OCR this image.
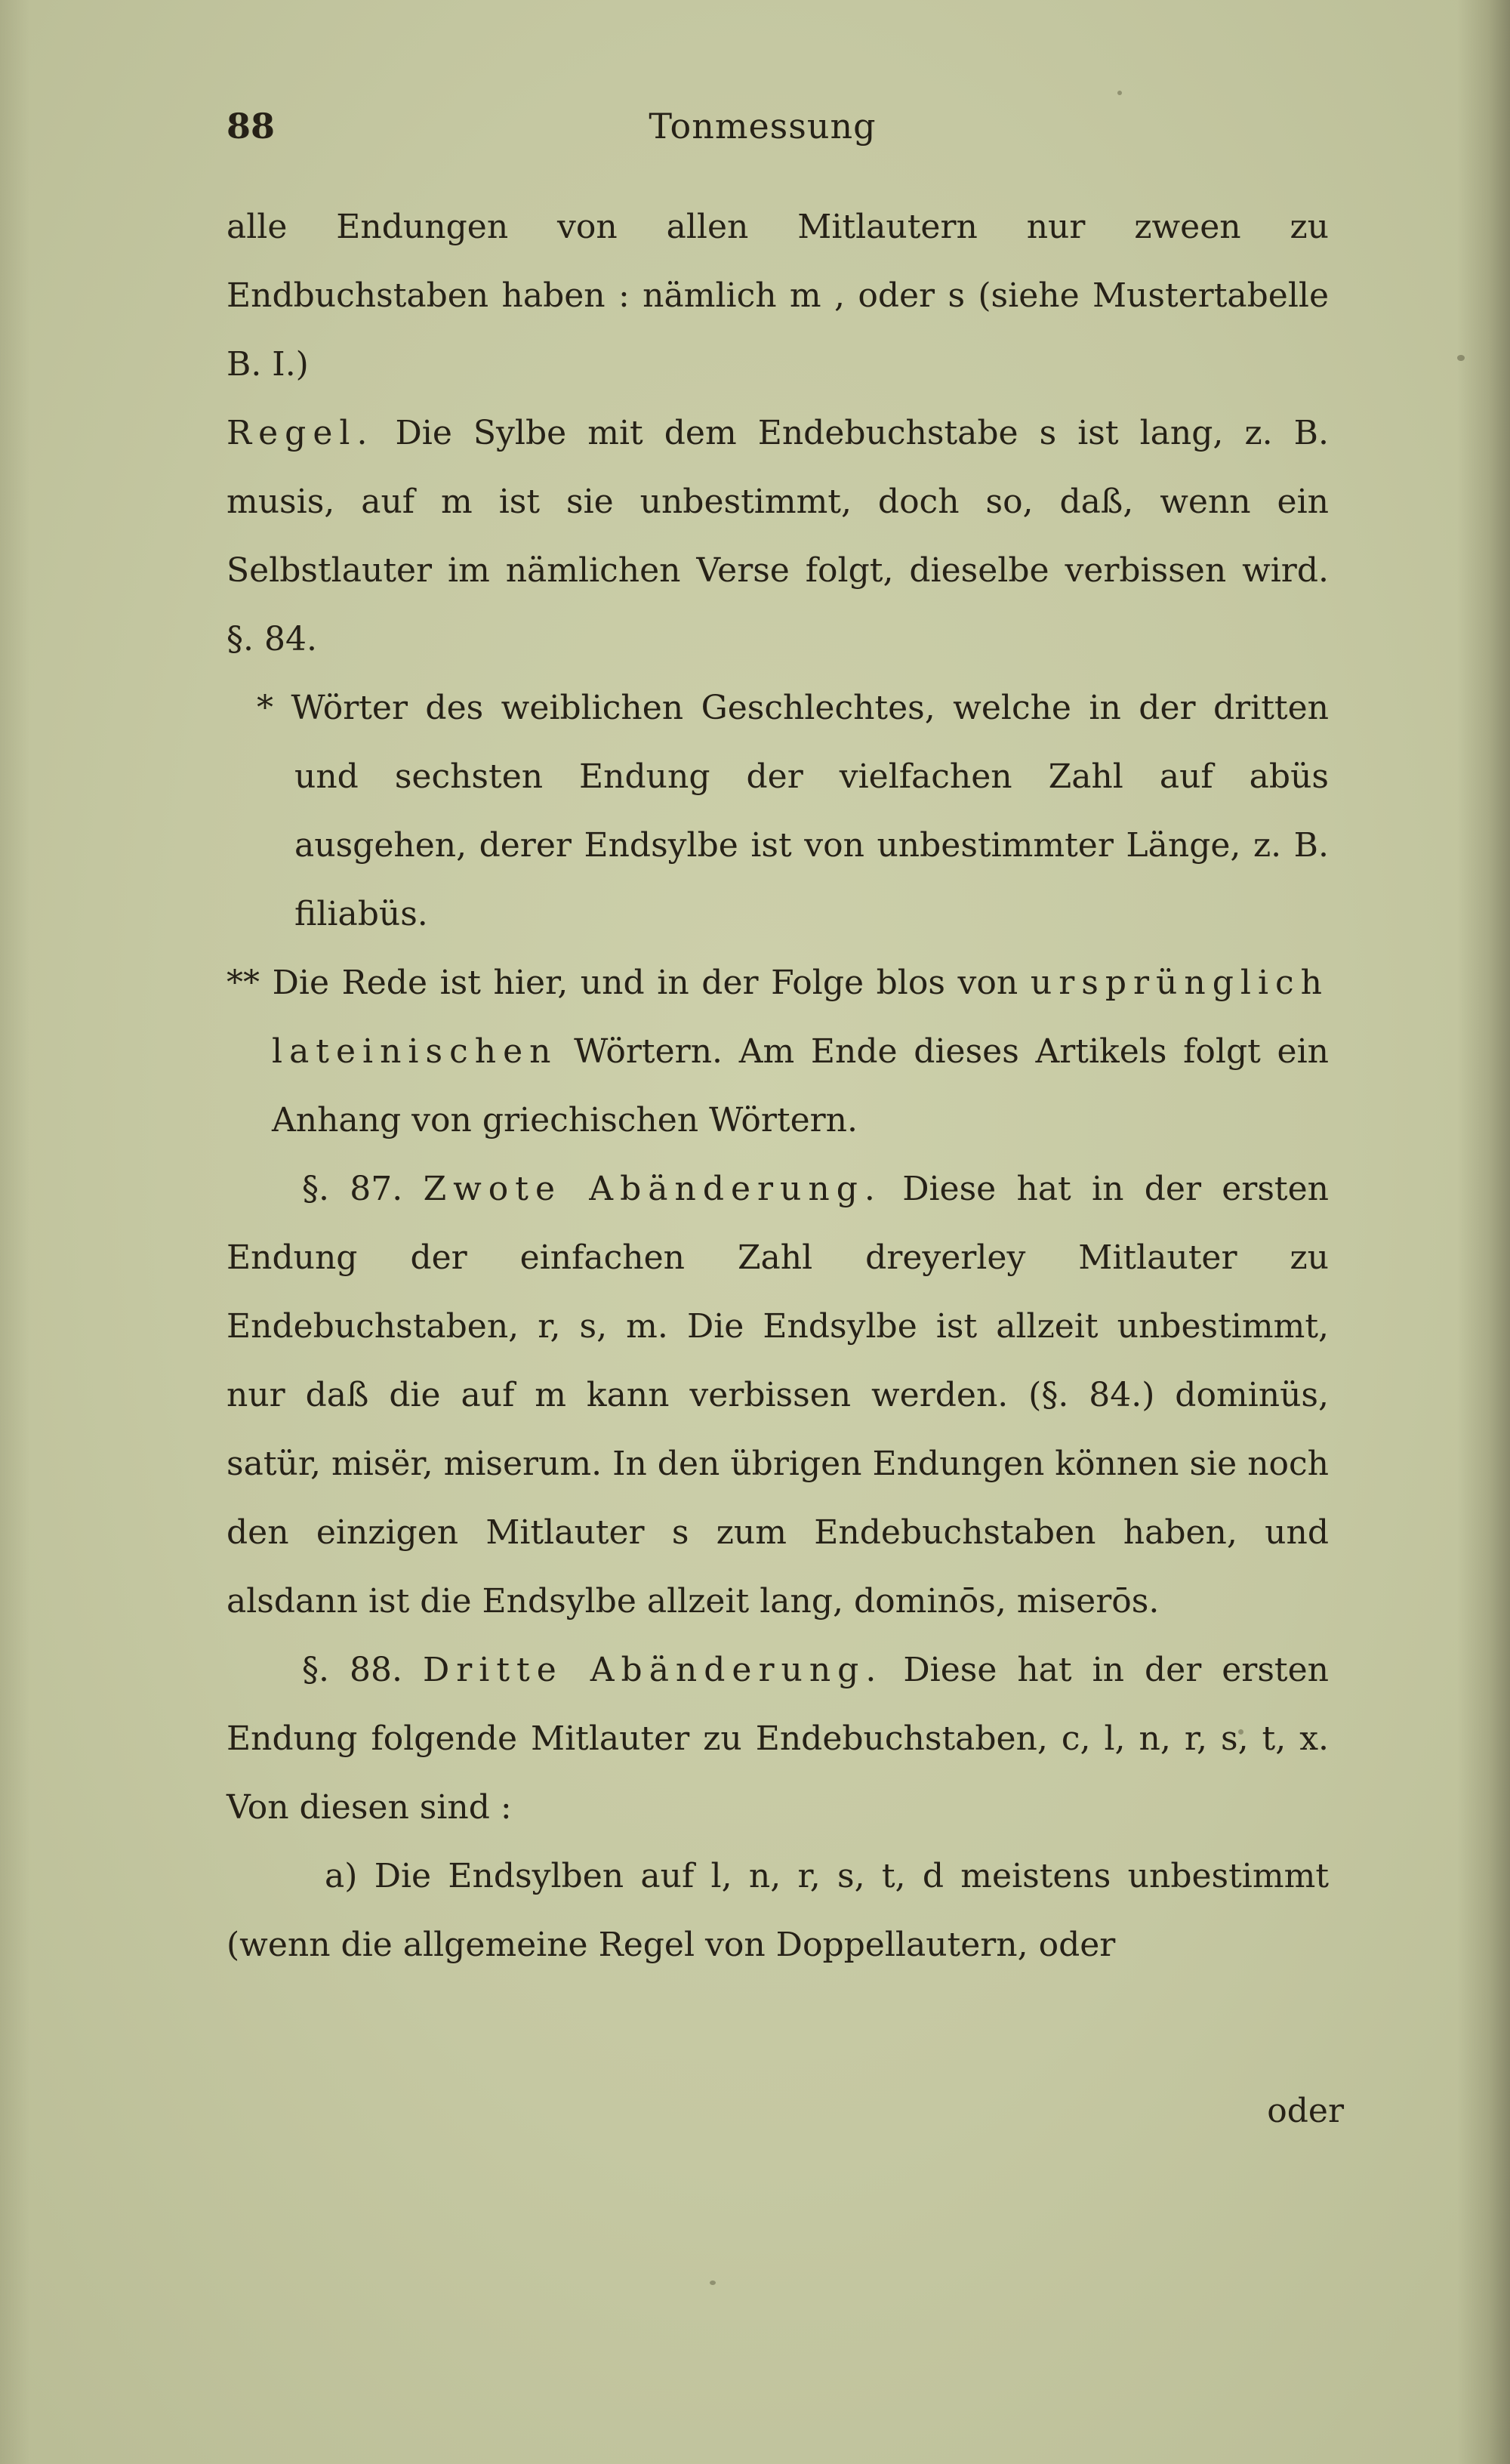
88	Tonmessung

alle Endungen von allen Mitlautern nur zween zu Endbuchstaben haben : nämlich m , oder s (siehe Mustertabelle B. I.)

Regel. Die Sylbe mit dem Endebuchstabe s ist lang, z. B. musis, auf m ist sie unbestimmt, doch so, daß, wenn ein Selbstlauter im nämlichen Verse folgt, dieselbe verbissen wird. §. 84.

* Wörter des weiblichen Geschlechtes, welche in der dritten und sechsten Endung der vielfachen Zahl auf abüs ausgehen, derer Endsylbe ist von unbestimmter Länge, z. B. filiabüs.

** Die Rede ist hier, und in der Folge blos von ursprünglich lateinischen Wörtern. Am Ende dieses Artikels folgt ein Anhang von griechischen Wörtern.

§. 87. Zwote Abänderung. Diese hat in der ersten Endung der einfachen Zahl dreyerley Mitlauter zu Endebuchstaben, r, s, m. Die Endsylbe ist allzeit unbestimmt, nur daß die auf m kann verbissen werden. (§. 84.) dominüs, satür, misër, miserum. In den übrigen Endungen können sie noch den einzigen Mitlauter s zum Endebuchstaben haben, und alsdann ist die Endsylbe allzeit lang, dominōs, miserōs.

§. 88. Dritte Abänderung. Diese hat in der ersten Endung folgende Mitlauter zu Endebuchstaben, c, l, n, r, s, t, x. Von diesen sind :

a) Die Endsylben auf l, n, r, s, t, d meistens unbestimmt (wenn die allgemeine Regel von Doppellautern, oder

oder
